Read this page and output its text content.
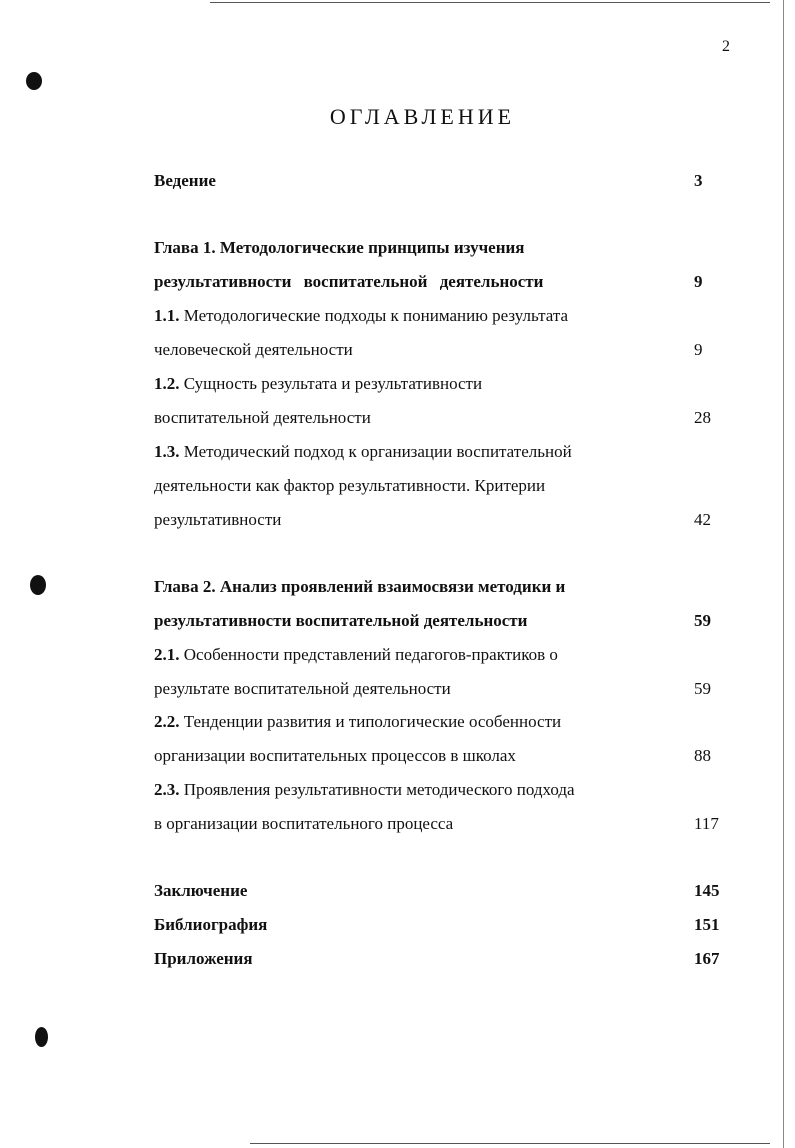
2
ОГЛАВЛЕНИЕ
Ведение	3
Глава 1. Методологические принципы изучения
результативности воспитательной деятельности	9
1.1. Методологические подходы к пониманию результата
человеческой деятельности	9
1.2. Сущность результата и результативности
воспитательной деятельности	28
1.3. Методический подход к организации воспитательной
деятельности как фактор результативности. Критерии
результативности	42
Глава 2. Анализ проявлений взаимосвязи методики и
результативности воспитательной деятельности	59
2.1. Особенности представлений педагогов-практиков о
результате воспитательной деятельности	59
2.2. Тенденции развития и типологические особенности
организации воспитательных процессов в школах	88
2.3. Проявления результативности методического подхода
в организации воспитательного процесса	117
Заключение	145
Библиография	151
Приложения	167
